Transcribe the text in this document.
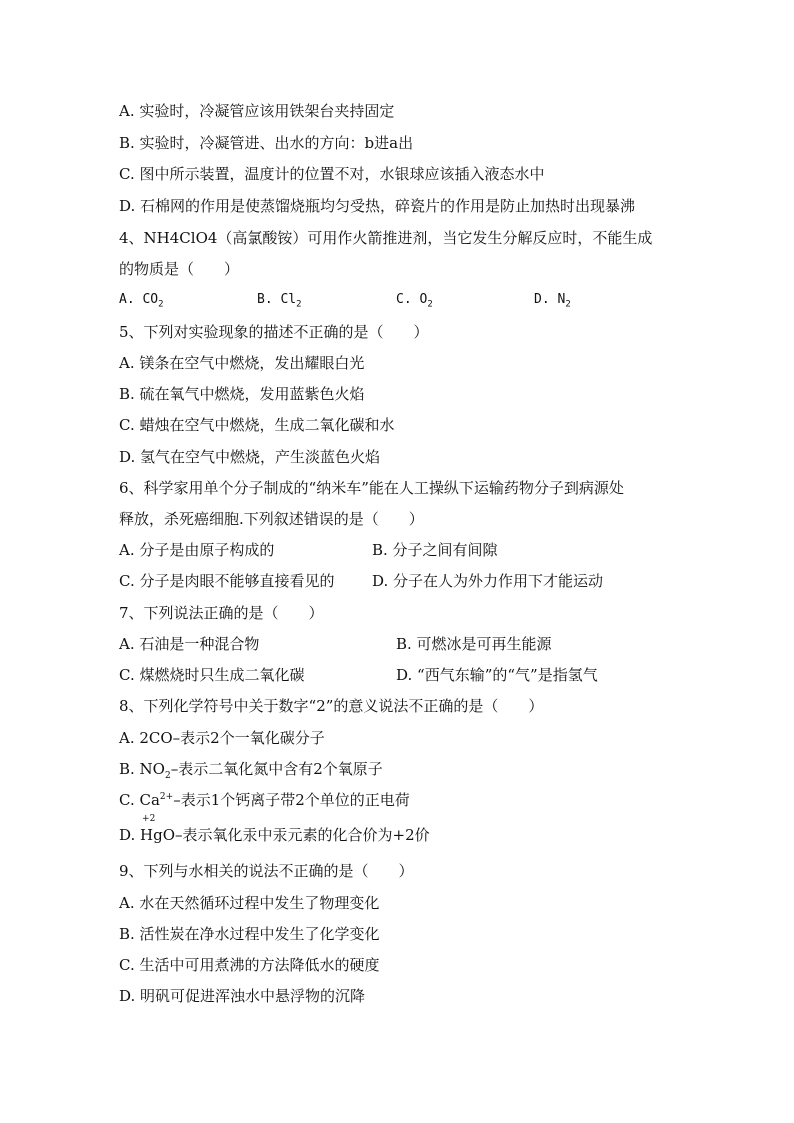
A. 实验时，冷凝管应该用铁架台夹持固定
B. 实验时，冷凝管进、出水的方向：b进a出
C. 图中所示装置，温度计的位置不对，水银球应该插入液态水中
D. 石棉网的作用是使蒸馏烧瓶均匀受热，碎瓷片的作用是防止加热时出现暴沸
4、NH4ClO4（高氯酸铵）可用作火箭推进剂，当它发生分解反应时，不能生成
的物质是（　　）
A. $CO_2$	B. $Cl_2$	C. $O_2$	D. $N_2$
5、下列对实验现象的描述不正确的是（　　）
A. 镁条在空气中燃烧，发出耀眼白光
B. 硫在氧气中燃烧，发用蓝紫色火焰
C. 蜡烛在空气中燃烧，生成二氧化碳和水
D. 氢气在空气中燃烧，产生淡蓝色火焰
6、科学家用单个分子制成的“纳米车”能在人工操纵下运输药物分子到病源处
释放，杀死癌细胞.下列叙述错误的是（　　）
A. 分子是由原子构成的	B. 分子之间有间隙
C. 分子是肉眼不能够直接看见的	D. 分子在人为外力作用下才能运动
7、下列说法正确的是（　　）
A. 石油是一种混合物	B. 可燃冰是可再生能源
C. 煤燃烧时只生成二氧化碳	D. “西气东输”的“气”是指氢气
8、下列化学符号中关于数字“2”的意义说法不正确的是（　　）
A. 2CO–表示2个一氧化碳分子
B. $NO_2-$表示二氧化氮中含有2个氧原子
C. $Ca^{2+}-$表示1个钙离子带2个单位的正电荷
D.
+2
HgO–表示氧化汞中汞元素的化合价为+2价
9、下列与水相关的说法不正确的是（　　）
A. 水在天然循环过程中发生了物理变化
B. 活性炭在净水过程中发生了化学变化
C. 生活中可用煮沸的方法降低水的硬度
D. 明矾可促进浑浊水中悬浮物的沉降
